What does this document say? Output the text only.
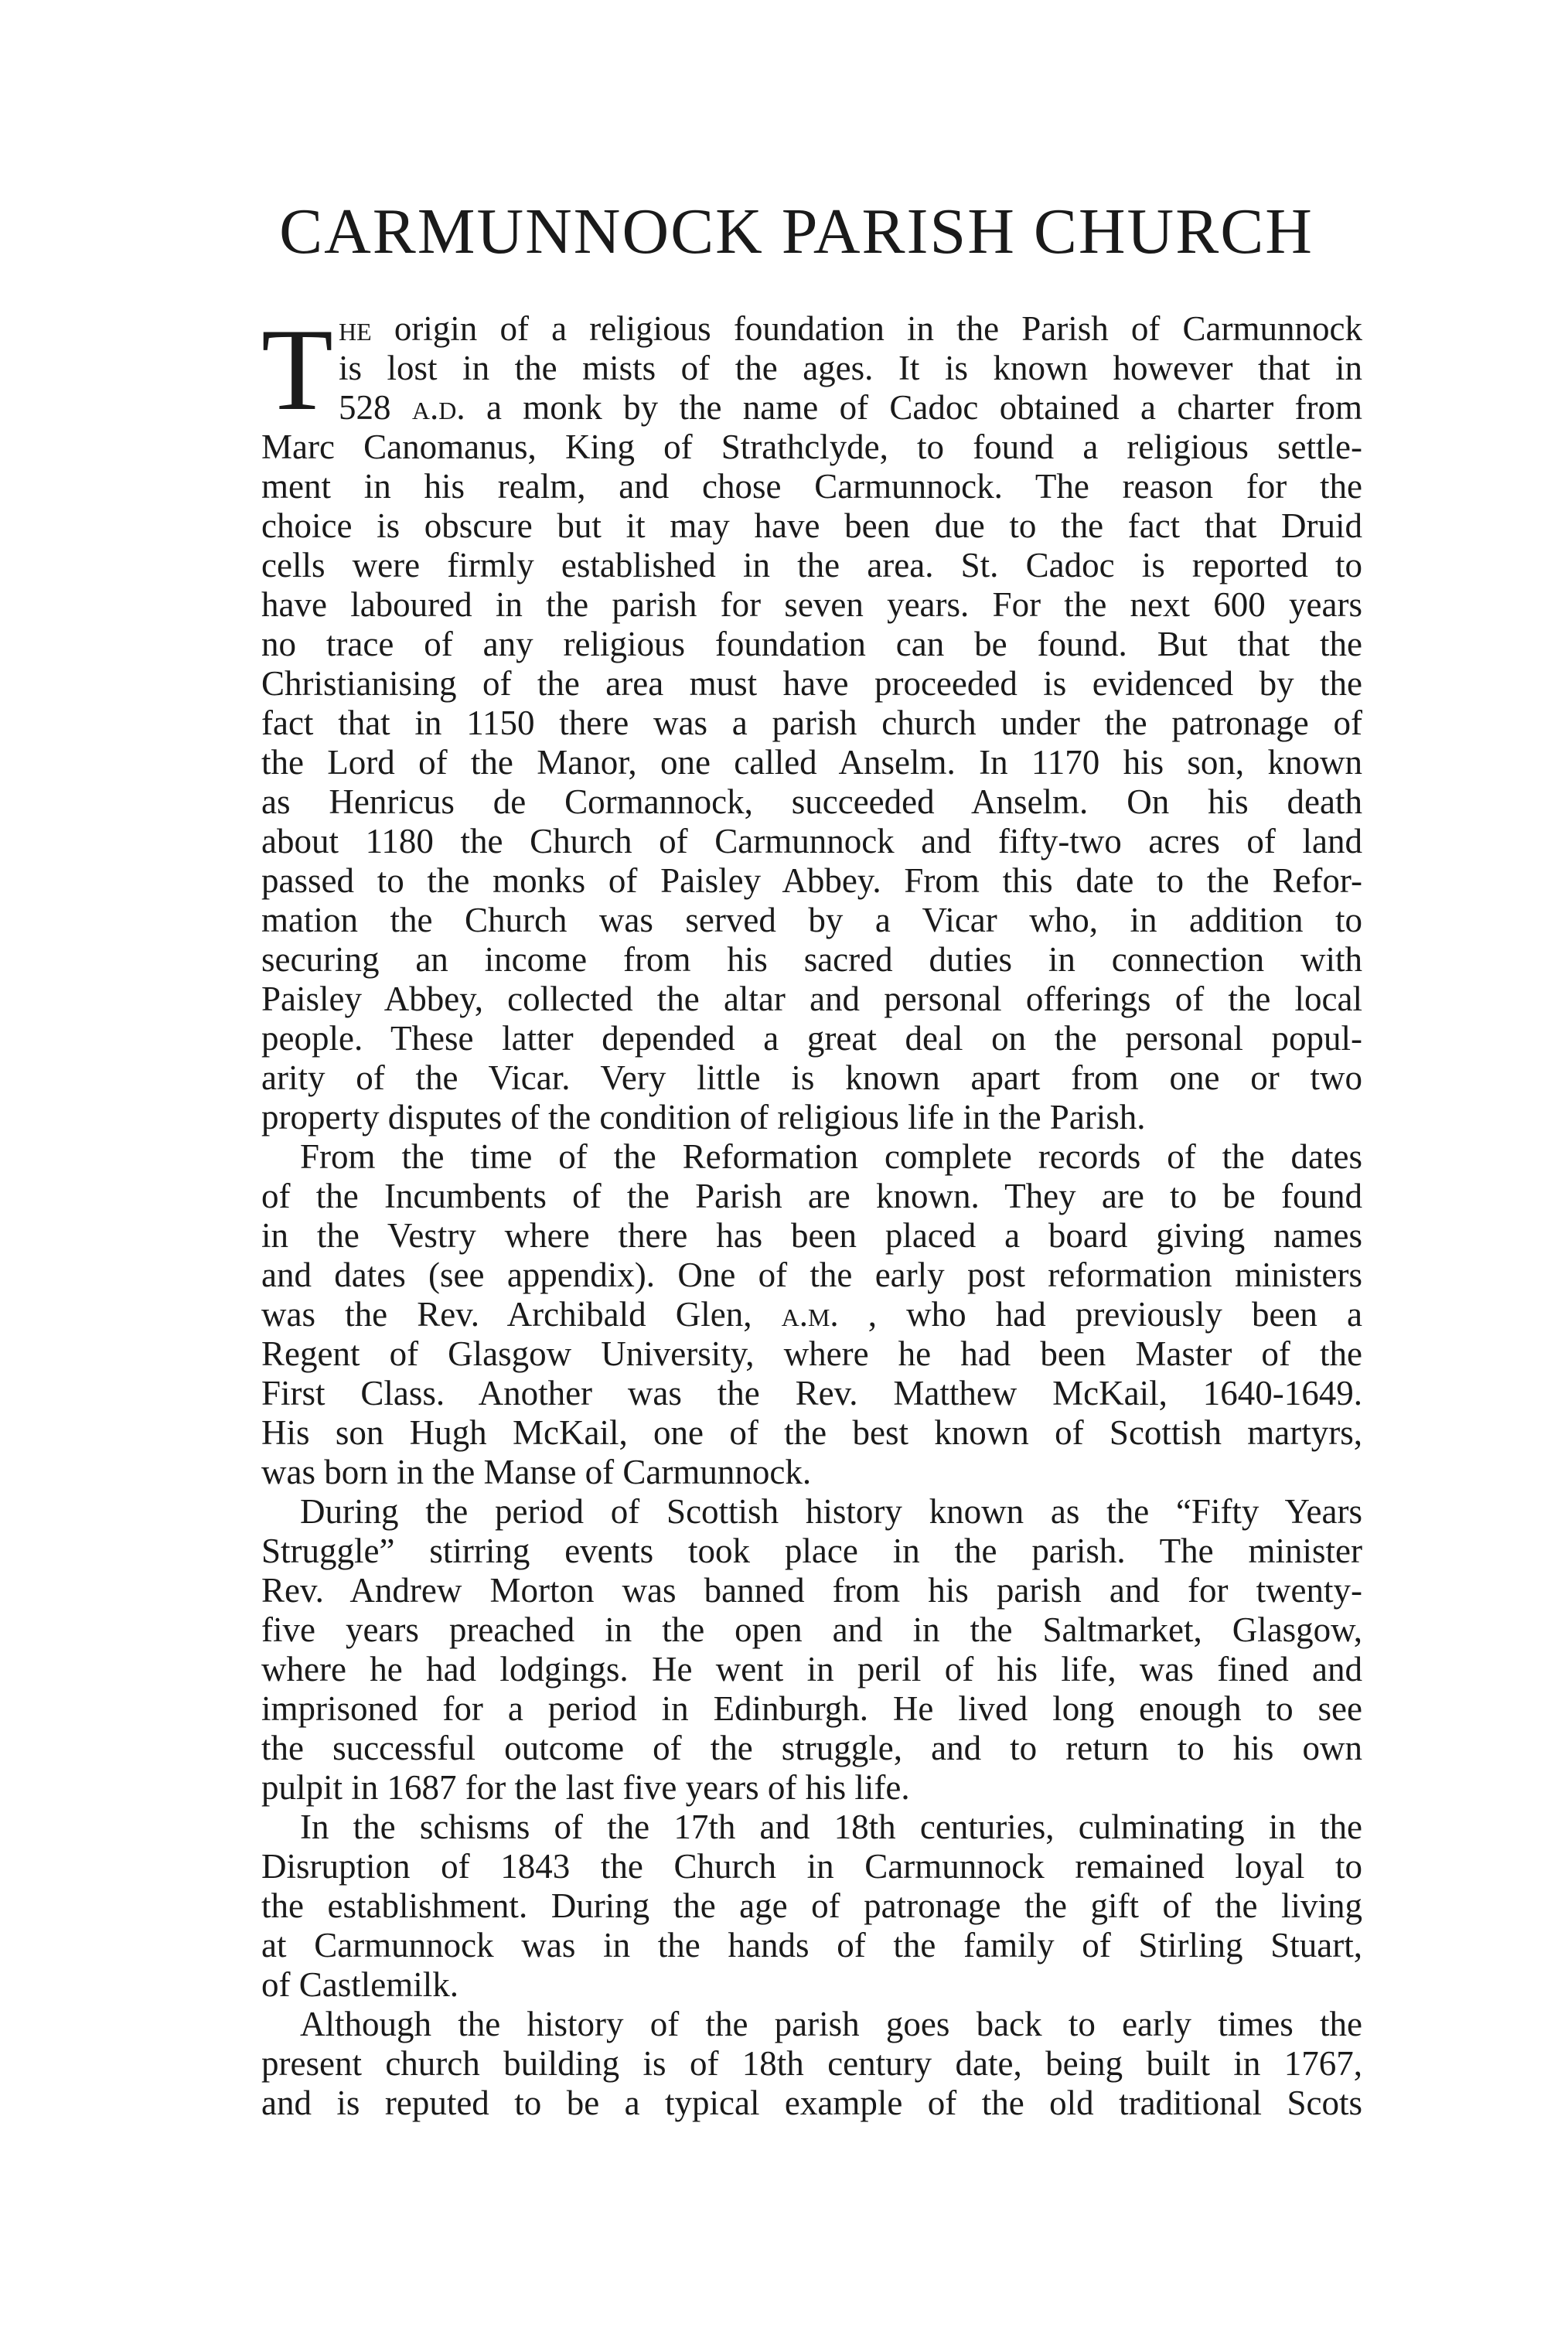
CARMUNNOCK PARISH CHURCH
T he origin of a religious foundation in the Parish of Carmunnock
is lost in the mists of the ages. It is known however that in
528 a.d. a monk by the name of Cadoc obtained a charter from
Marc Canomanus, King of Strathclyde, to found a religious settle-
ment in his realm, and chose Carmunnock. The reason for the
choice is obscure but it may have been due to the fact that Druid
cells were firmly established in the area. St. Cadoc is reported to
have laboured in the parish for seven years. For the next 600 years
no trace of any religious foundation can be found. But that the
Christianising of the area must have proceeded is evidenced by the
fact that in 1150 there was a parish church under the patronage of
the Lord of the Manor, one called Anselm. In 1170 his son, known
as Henricus de Cormannock, succeeded Anselm. On his death
about 1180 the Church of Carmunnock and fifty-two acres of land
passed to the monks of Paisley Abbey. From this date to the Refor-
mation the Church was served by a Vicar who, in addition to
securing an income from his sacred duties in connection with
Paisley Abbey, collected the altar and personal offerings of the local
people. These latter depended a great deal on the personal popul-
arity of the Vicar. Very little is known apart from one or two
property disputes of the condition of religious life in the Parish.
From the time of the Reformation complete records of the dates
of the Incumbents of the Parish are known. They are to be found
in the Vestry where there has been placed a board giving names
and dates (see appendix). One of the early post reformation ministers
was the Rev. Archibald Glen, a.m. , who had previously been a
Regent of Glasgow University, where he had been Master of the
First Class. Another was the Rev. Matthew McKail, 1640-1649.
His son Hugh McKail, one of the best known of Scottish martyrs,
was born in the Manse of Carmunnock.
During the period of Scottish history known as the “Fifty Years
Struggle” stirring events took place in the parish. The minister
Rev. Andrew Morton was banned from his parish and for twenty-
five years preached in the open and in the Saltmarket, Glasgow,
where he had lodgings. He went in peril of his life, was fined and
imprisoned for a period in Edinburgh. He lived long enough to see
the successful outcome of the struggle, and to return to his own
pulpit in 1687 for the last five years of his life.
In the schisms of the 17th and 18th centuries, culminating in the
Disruption of 1843 the Church in Carmunnock remained loyal to
the establishment. During the age of patronage the gift of the living
at Carmunnock was in the hands of the family of Stirling Stuart,
of Castlemilk.
Although the history of the parish goes back to early times the
present church building is of 18th century date, being built in 1767,
and is reputed to be a typical example of the old traditional Scots
